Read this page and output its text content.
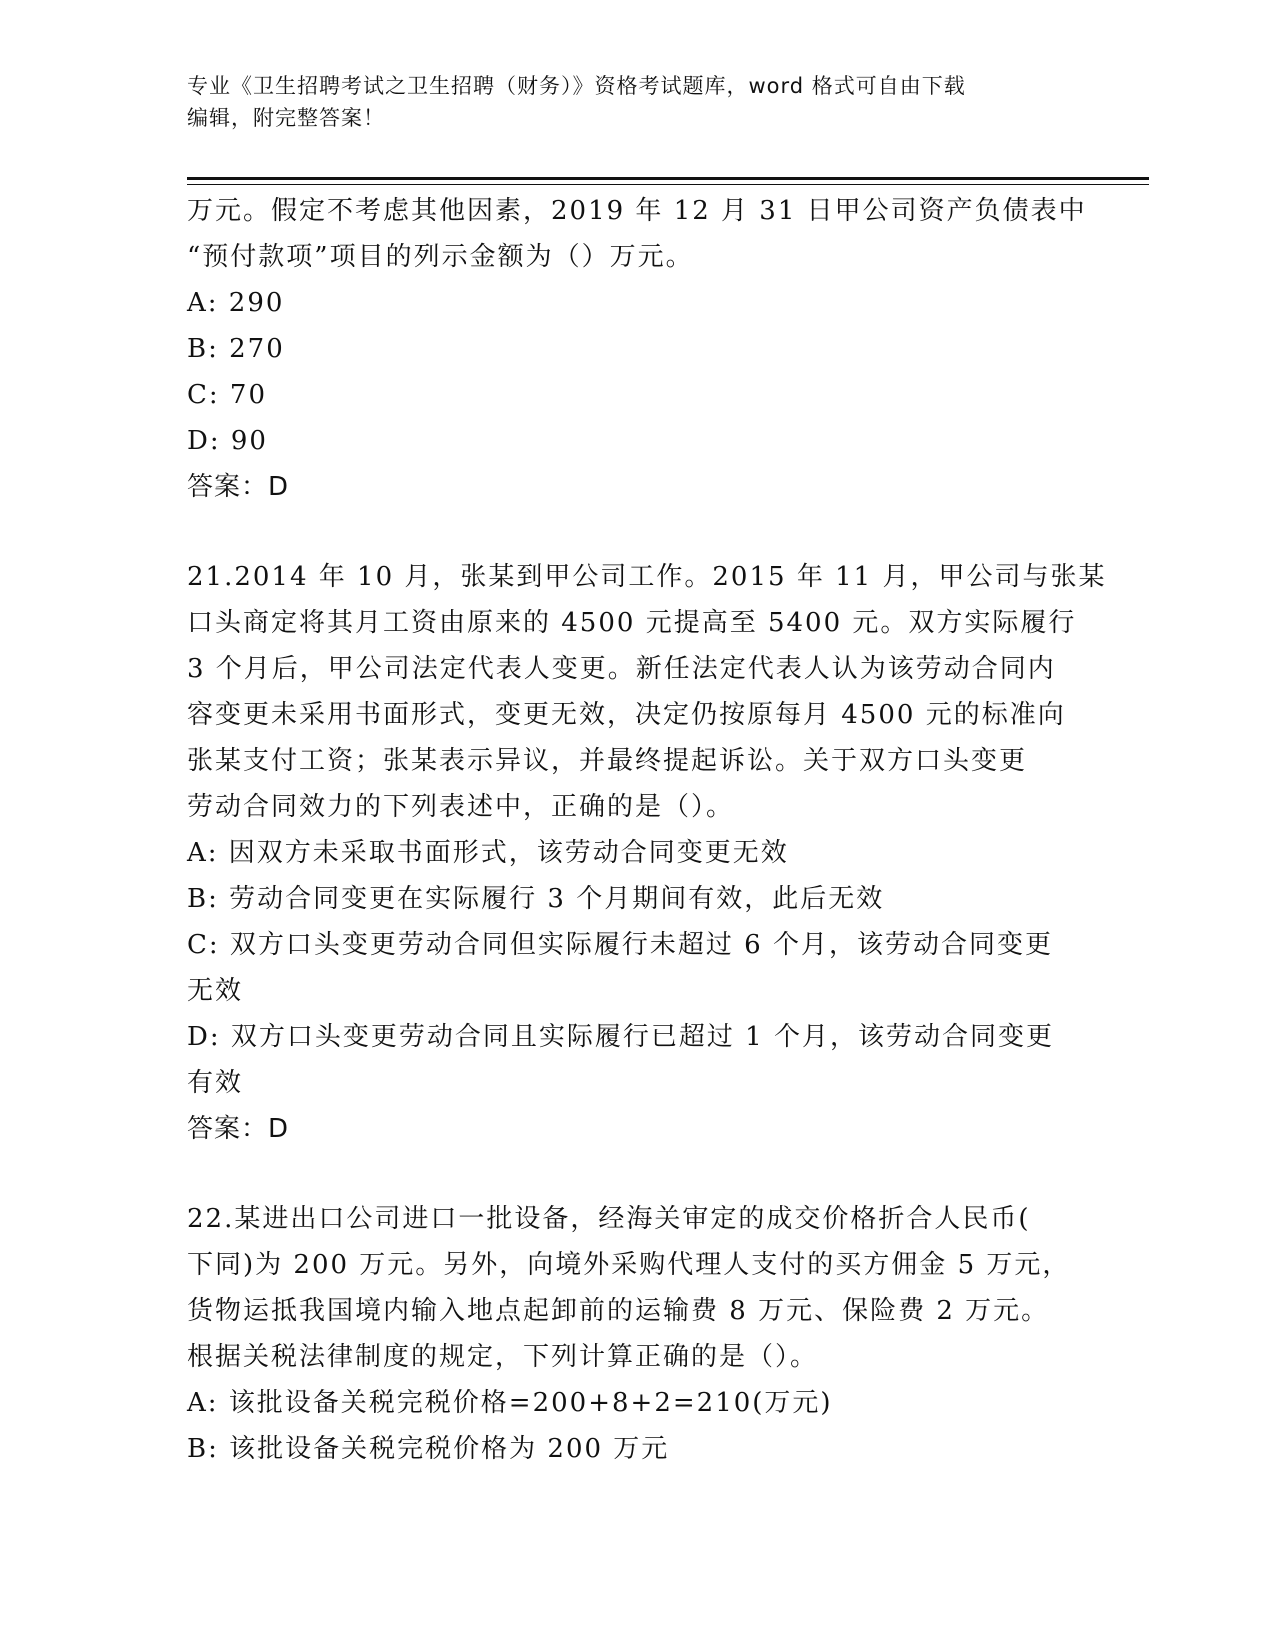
专业《卫生招聘考试之卫生招聘（财务）》资格考试题库，word 格式可自由下载
编辑，附完整答案！
万元。假定不考虑其他因素，2019 年 12 月 31 日甲公司资产负债表中
“预付款项”项目的列示金额为（）万元。
A: 290
B: 270
C: 70
D: 90
答案：D
21.2014 年 10 月，张某到甲公司工作。2015 年 11 月，甲公司与张某
口头商定将其月工资由原来的 4500 元提高至 5400 元。双方实际履行
3 个月后，甲公司法定代表人变更。新任法定代表人认为该劳动合同内
容变更未采用书面形式，变更无效，决定仍按原每月 4500 元的标准向
张某支付工资；张某表示异议，并最终提起诉讼。关于双方口头变更
劳动合同效力的下列表述中，正确的是（）。
A: 因双方未采取书面形式，该劳动合同变更无效
B: 劳动合同变更在实际履行 3 个月期间有效，此后无效
C: 双方口头变更劳动合同但实际履行未超过 6 个月，该劳动合同变更
无效
D: 双方口头变更劳动合同且实际履行已超过 1 个月，该劳动合同变更
有效
答案：D
22.某进出口公司进口一批设备，经海关审定的成交价格折合人民币(
下同)为 200 万元。另外，向境外采购代理人支付的买方佣金 5 万元，
货物运抵我国境内输入地点起卸前的运输费 8 万元、保险费 2 万元。
根据关税法律制度的规定，下列计算正确的是（）。
A: 该批设备关税完税价格=200+8+2=210(万元)
B: 该批设备关税完税价格为 200 万元
